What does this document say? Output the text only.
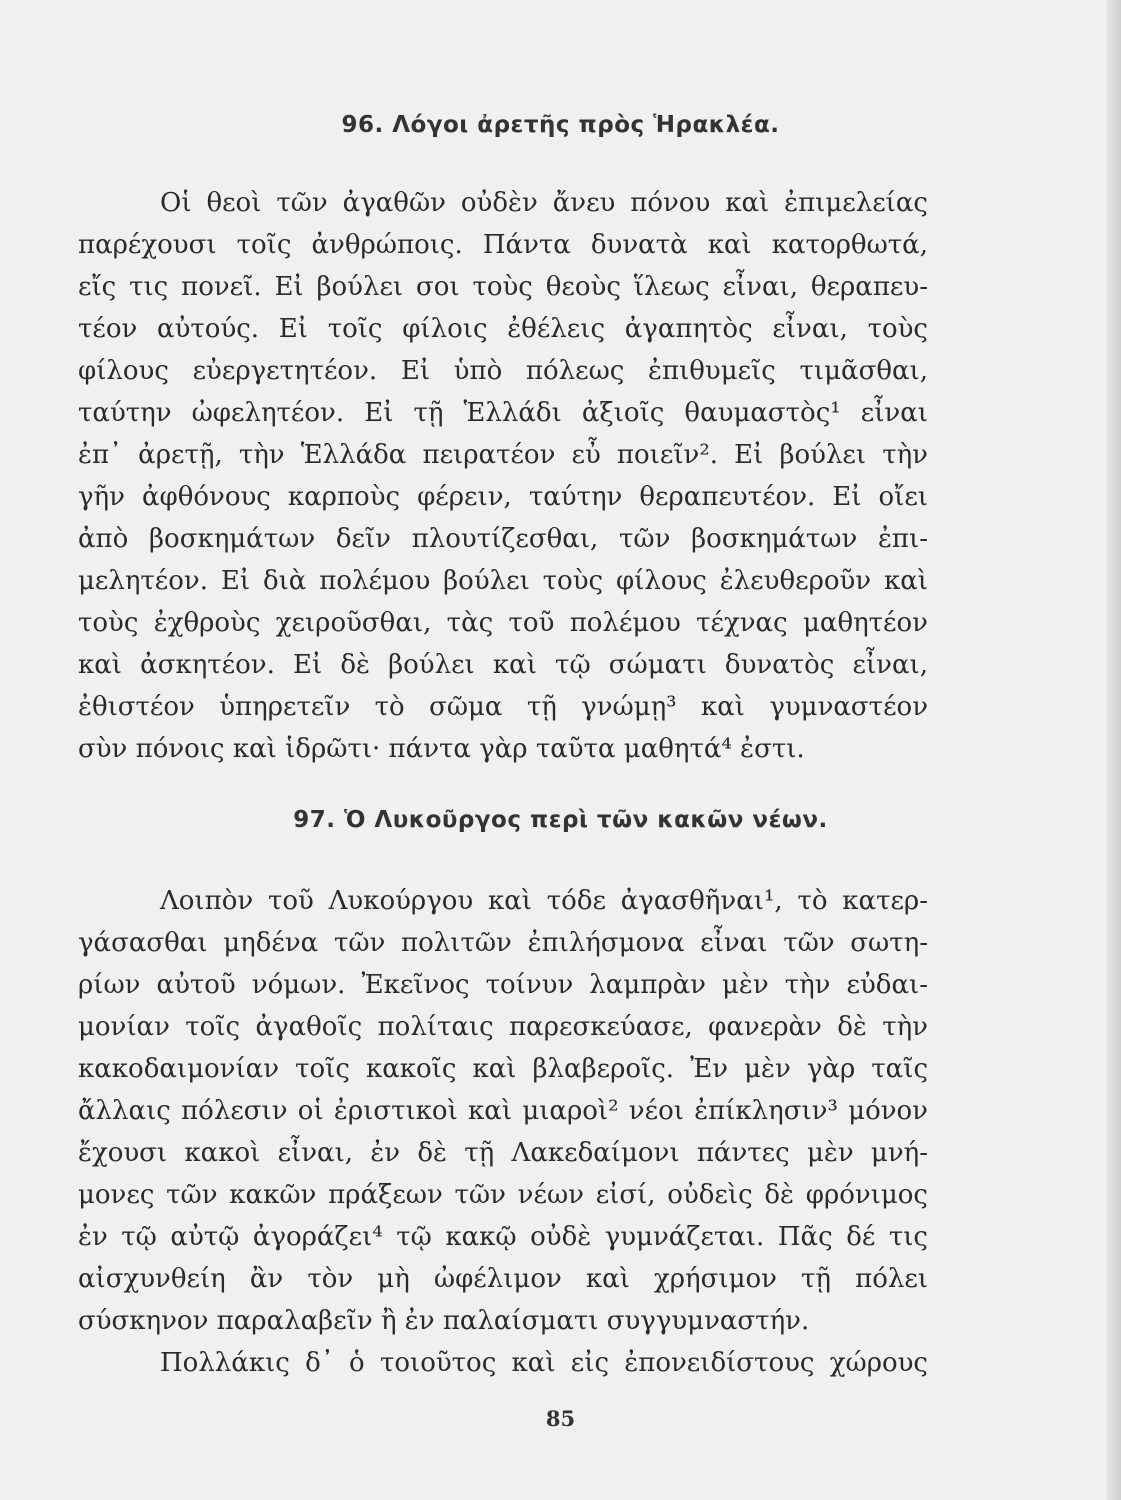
96. Λόγοι ἀρετῆς πρὸς Ἡρακλέα.
Οἱ θεοὶ τῶν ἀγαθῶν οὐδὲν ἄνευ πόνου καὶ ἐπιμελείας
παρέχουσι τοῖς ἀνθρώποις. Πάντα δυνατὰ καὶ κατορθωτά,
εἴς τις πονεῖ. Εἰ βούλει σοι τοὺς θεοὺς ἵλεως εἶναι, θεραπευ-
τέον αὐτούς. Εἰ τοῖς φίλοις ἐθέλεις ἀγαπητὸς εἶναι, τοὺς
φίλους εὐεργετητέον. Εἰ ὑπὸ πόλεως ἐπιθυμεῖς τιμᾶσθαι,
ταύτην ὠφελητέον. Εἰ τῇ Ἑλλάδι ἀξιοῖς θαυμαστὸς¹ εἶναι
ἐπ᾽ ἀρετῇ, τὴν Ἑλλάδα πειρατέον εὖ ποιεῖν². Εἰ βούλει τὴν
γῆν ἀφθόνους καρποὺς φέρειν, ταύτην θεραπευτέον. Εἰ οἴει
ἀπὸ βοσκημάτων δεῖν πλουτίζεσθαι, τῶν βοσκημάτων ἐπι-
μελητέον. Εἰ διὰ πολέμου βούλει τοὺς φίλους ἐλευθεροῦν καὶ
τοὺς ἐχθροὺς χειροῦσθαι, τὰς τοῦ πολέμου τέχνας μαθητέον
καὶ ἀσκητέον. Εἰ δὲ βούλει καὶ τῷ σώματι δυνατὸς εἶναι,
ἐθιστέον ὑπηρετεῖν τὸ σῶμα τῇ γνώμῃ³ καὶ γυμναστέον
σὺν πόνοις καὶ ἱδρῶτι· πάντα γὰρ ταῦτα μαθητά⁴ ἐστι.
97. Ὁ Λυκοῦργος περὶ τῶν κακῶν νέων.
Λοιπὸν τοῦ Λυκούργου καὶ τόδε ἀγασθῆναι¹, τὸ κατερ-
γάσασθαι μηδένα τῶν πολιτῶν ἐπιλήσμονα εἶναι τῶν σωτη-
ρίων αὐτοῦ νόμων. Ἐκεῖνος τοίνυν λαμπρὰν μὲν τὴν εὐδαι-
μονίαν τοῖς ἀγαθοῖς πολίταις παρεσκεύασε, φανερὰν δὲ τὴν
κακοδαιμονίαν τοῖς κακοῖς καὶ βλαβεροῖς. Ἐν μὲν γὰρ ταῖς
ἄλλαις πόλεσιν οἱ ἐριστικοὶ καὶ μιαροὶ² νέοι ἐπίκλησιν³ μόνον
ἔχουσι κακοὶ εἶναι, ἐν δὲ τῇ Λακεδαίμονι πάντες μὲν μνή-
μονες τῶν κακῶν πράξεων τῶν νέων εἰσί, οὐδεὶς δὲ φρόνιμος
ἐν τῷ αὐτῷ ἀγοράζει⁴ τῷ κακῷ οὐδὲ γυμνάζεται. Πᾶς δέ τις
αἰσχυνθείη ἂν τὸν μὴ ὠφέλιμον καὶ χρήσιμον τῇ πόλει
σύσκηνον παραλαβεῖν ἢ ἐν παλαίσματι συγγυμναστήν.
Πολλάκις δ᾽ ὁ τοιοῦτος καὶ εἰς ἐπονειδίστους χώρους
85
